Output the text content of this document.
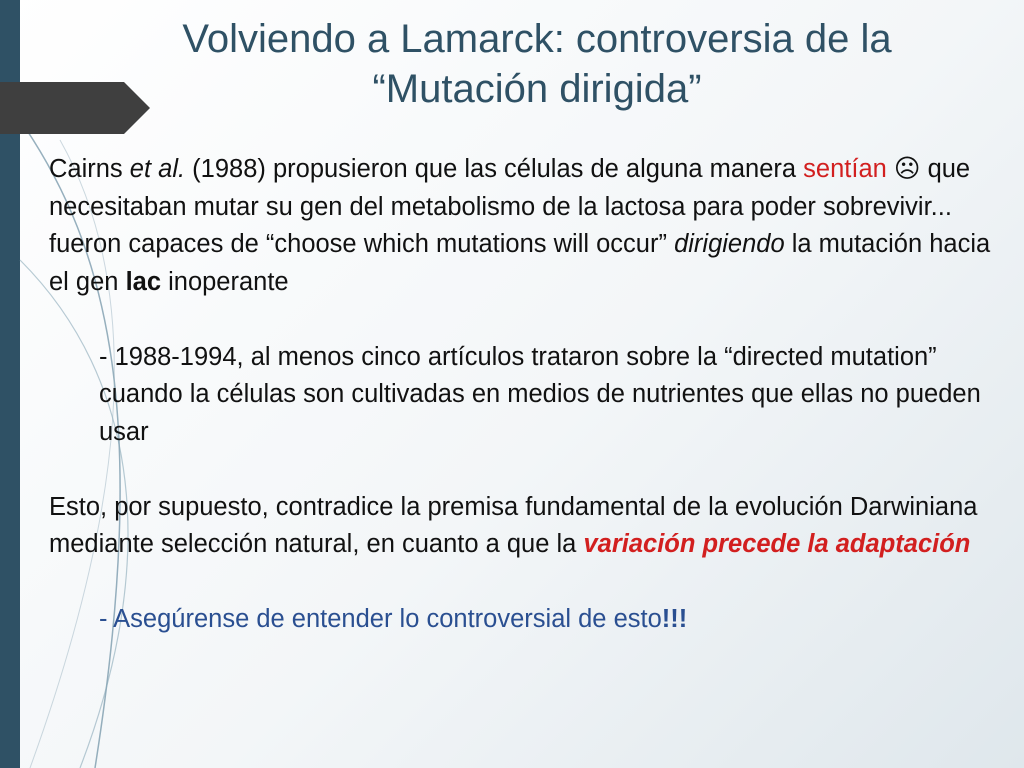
Volviendo a Lamarck: controversia de la
“Mutación dirigida”

Cairns et al. (1988) propusieron que las células de alguna manera sentían ☹ que necesitaban mutar su gen del metabolismo de la lactosa para poder sobrevivir... fueron capaces de “choose which mutations will occur” dirigiendo la mutación hacia el gen lac inoperante

- 1988-1994, al menos cinco artículos trataron sobre la “directed mutation” cuando la células son cultivadas en medios de nutrientes que ellas no pueden usar

Esto, por supuesto, contradice la premisa fundamental de la evolución Darwiniana mediante selección natural, en cuanto a que la variación precede la adaptación

- Asegúrense de entender lo controversial de esto!!!
